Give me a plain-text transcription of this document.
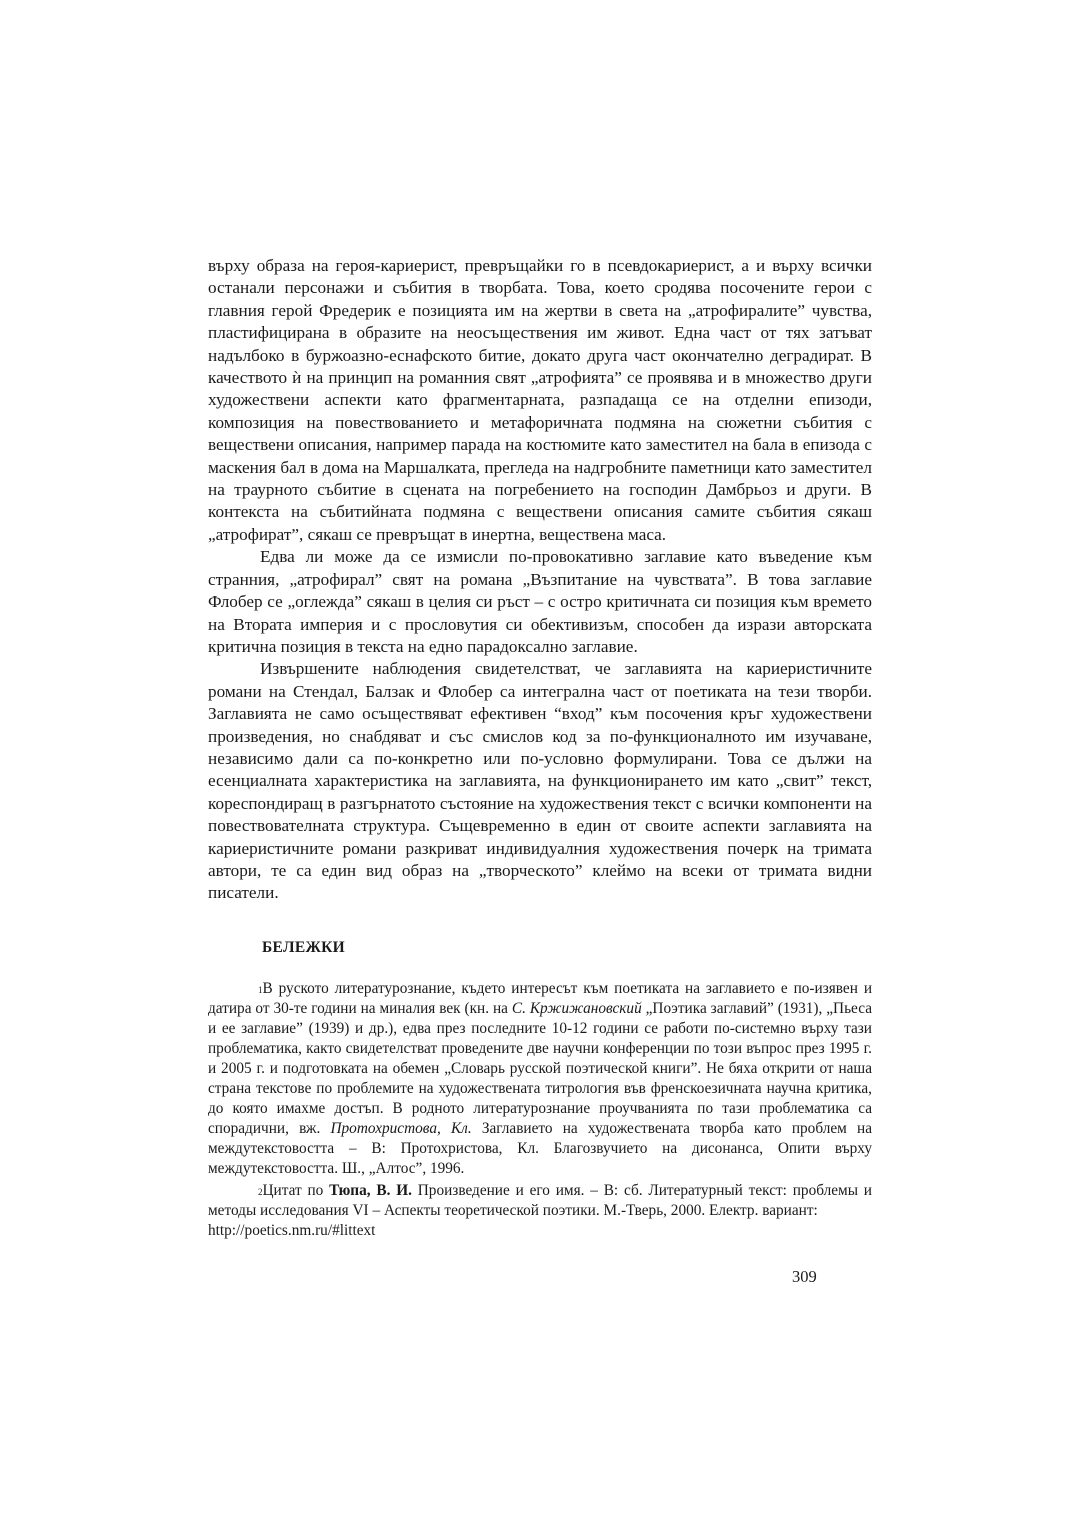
върху образа на героя-кариерист, превръщайки го в псевдокариерист, а и върху всички останали персонажи и събития в творбата. Това, което сродява посочените герои с главния герой Фредерик е позицията им на жертви в света на „атрофиралите” чувства, пластифицирана в образите на неосъществения им живот. Една част от тях затъват надълбоко в буржоазно-еснафското битие, докато друга част окончателно деградират. В качеството ѝ на принцип на романния свят „атрофията” се проявява и в множество други художествени аспекти като фрагментарната, разпадаща се на отделни епизоди, композиция на повествованието и метафоричната подмяна на сюжетни събития с веществени описания, например парада на костюмите като заместител на бала в епизода с маскения бал в дома на Маршалката, прегледа на надгробните паметници като заместител на траурното събитие в сцената на погребението на господин Дамбрьоз и други. В контекста на събитийната подмяна с веществени описания самите събития сякаш „атрофират”, сякаш се превръщат в инертна, веществена маса.

Едва ли може да се измисли по-провокативно заглавие като въведение към странния, „атрофирал” свят на романа „Възпитание на чувствата”. В това заглавие Флобер се „оглежда” сякаш в целия си ръст – с остро критичната си позиция към времето на Втората империя и с прословутия си обективизъм, способен да изрази авторската критична позиция в текста на едно парадоксално заглавие.

Извършените наблюдения свидетелстват, че заглавията на кариеристичните романи на Стендал, Балзак и Флобер са интегрална част от поетиката на тези творби. Заглавията не само осъществяват ефективен “вход” към посочения кръг художествени произведения, но снабдяват и със смислов код за по-функционалното им изучаване, независимо дали са по-конкретно или по-условно формулирани. Това се дължи на есенциалната характеристика на заглавията, на функционирането им като „свит” текст, кореспондиращ в разгърнатото състояние на художествения текст с всички компоненти на повествователната структура. Същевременно в един от своите аспекти заглавията на кариеристичните романи разкриват индивидуалния художествения почерк на тримата автори, те са един вид образ на „творческото” клеймо на всеки от тримата видни писатели.

БЕЛЕЖКИ

$^1$В руското литературознание, където интересът към поетиката на заглавието е по-изявен и датира от 30-те години на миналия век (кн. на С. Кржижановский „Поэтика заглавий” (1931), „Пьеса и ее заглавие” (1939) и др.), едва през последните 10-12 години се работи по-системно върху тази проблематика, както свидетелстват проведените две научни конференции по този въпрос през 1995 г. и 2005 г. и подготовката на обемен „Словарь русской поэтической книги”. Не бяха открити от наша страна текстове по проблемите на художествената титрология във френскоезичната научна критика, до която имахме достъп. В родното литературознание проучванията по тази проблематика са спорадични, вж. Протохристова, Кл. Заглавието на художествената творба като проблем на междутекстовостта – В: Протохристова, Кл. Благозвучието на дисонанса, Опити върху междутекстовостта. Ш., „Алтос”, 1996.

$^2$Цитат по Тюпа, В. И. Произведение и его имя. – В: сб. Литературный текст: проблемы и методы исследования VI – Аспекты теоретической поэтики. М.-Тверь, 2000. Електр. вариант:
http://poetics.nm.ru/#littext

309
